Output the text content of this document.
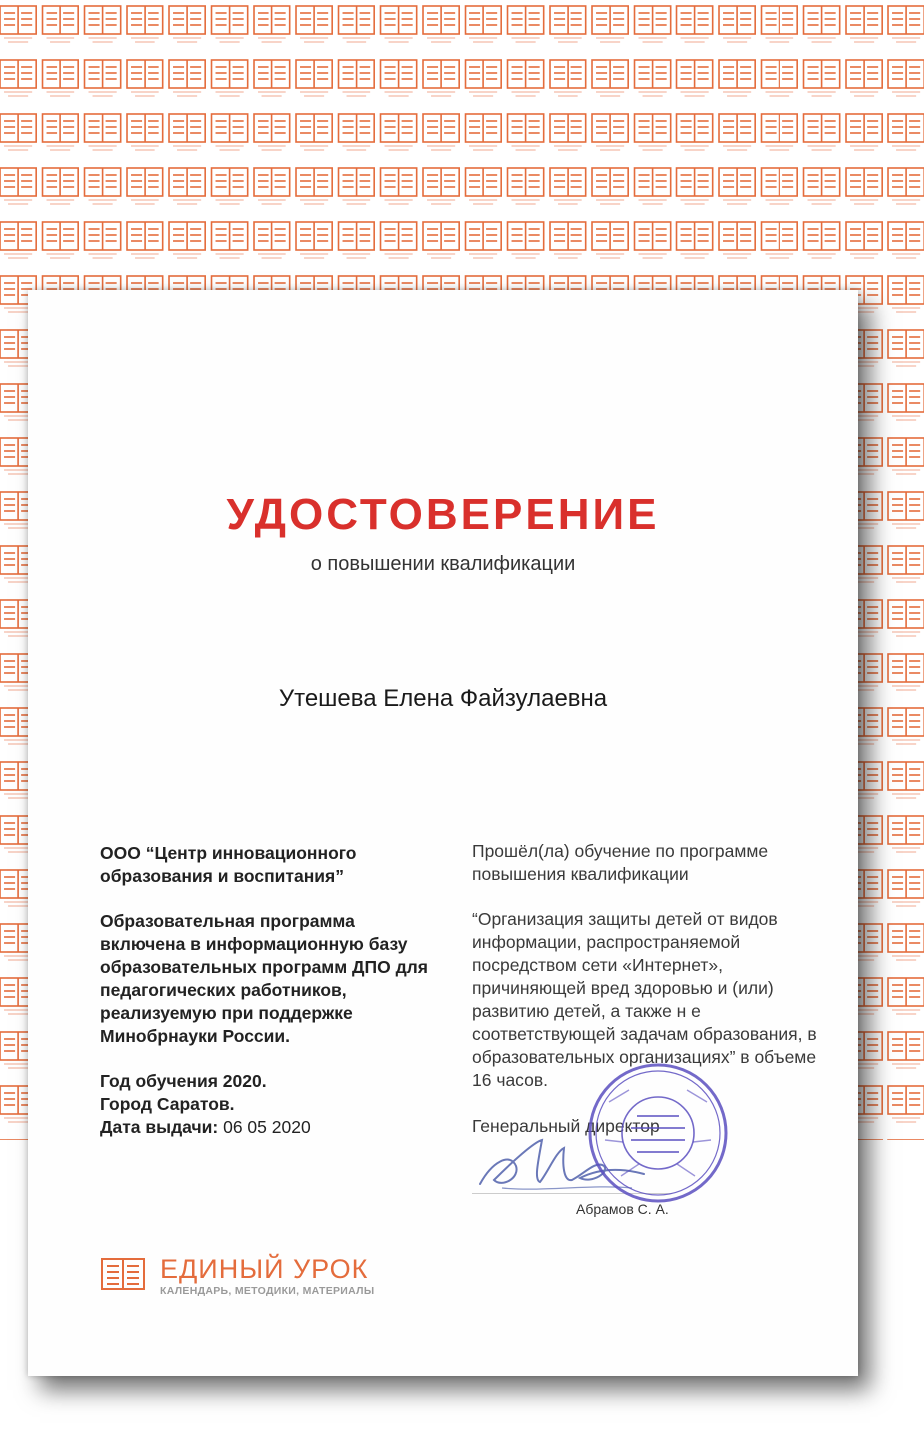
УДОСТОВЕРЕНИЕ
о повышении квалификации
Утешева Елена Файзулаевна

ООО “Центр инновационного образования и воспитания”

Образовательная программа включена в информационную базу образовательных программ ДПО для педагогических работников, реализуемую при поддержке Минобрнауки России.

Год обучения 2020.
Город Саратов.
Дата выдачи: 06 05 2020

Прошёл(ла) обучение по программе повышения квалификации

“Организация защиты детей от видов информации, распространяемой посредством сети «Интернет», причиняющей вред здоровью и (или) развитию детей, а также н е соответствующей задачам образования, в образовательных организациях” в объеме 16 часов.

Генеральный директор
Абрамов С. А.
ЕДИНЫЙ УРОК
КАЛЕНДАРЬ, МЕТОДИКИ, МАТЕРИАЛЫ
